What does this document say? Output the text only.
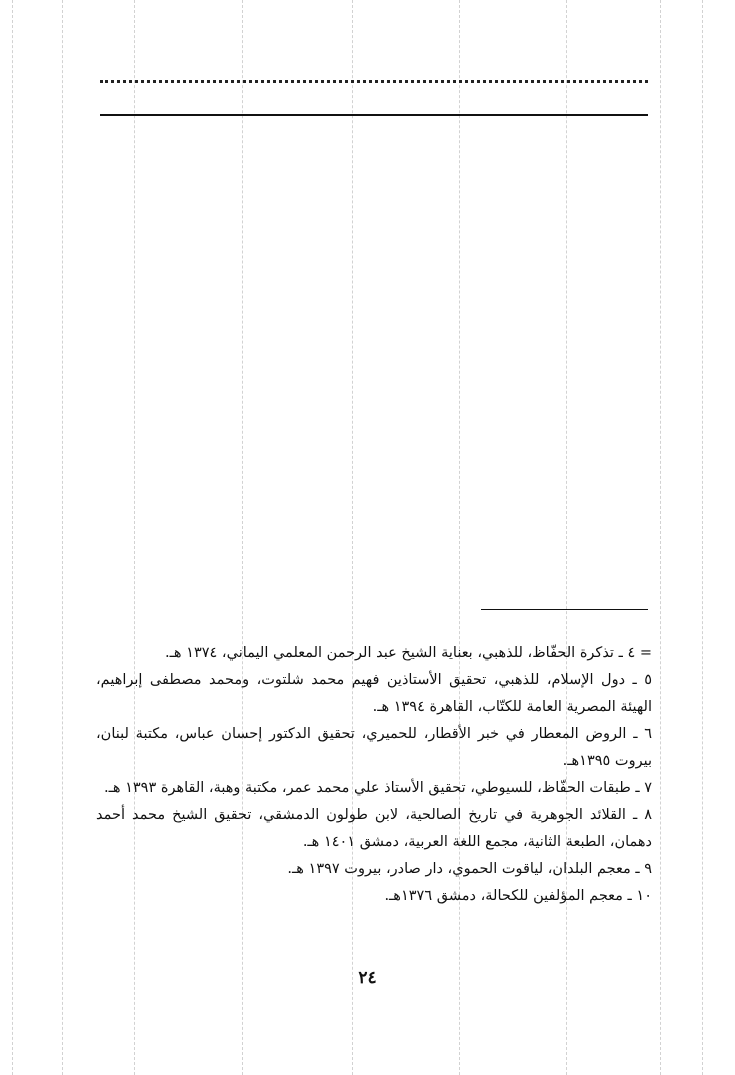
= ٤ ـ تذكرة الحفّاظ، للذهبي، بعناية الشيخ عبد الرحمن المعلمي اليماني، ١٣٧٤ هـ.

٥ ـ دول الإسلام، للذهبي، تحقيق الأستاذين فهيم محمد شلتوت، ومحمد مصطفى إبراهيم، الهيئة المصرية العامة للكتّاب، القاهرة ١٣٩٤ هـ.

٦ ـ الروض المعطار في خبر الأقطار، للحميري، تحقيق الدكتور إحسان عباس، مكتبة لبنان، بيروت ١٣٩٥هـ.

٧ ـ طبقات الحفّاظ، للسيوطي، تحقيق الأستاذ علي محمد عمر، مكتبة وهبة، القاهرة ١٣٩٣ هـ.

٨ ـ القلائد الجوهرية في تاريخ الصالحية، لابن طولون الدمشقي، تحقيق الشيخ محمد أحمد دهمان، الطبعة الثانية، مجمع اللغة العربية، دمشق ١٤٠١ هـ.

٩ ـ معجم البلدان، لياقوت الحموي، دار صادر، بيروت ١٣٩٧ هـ.

١٠ ـ معجم المؤلفين للكحالة، دمشق ١٣٧٦هـ.

٢٤
